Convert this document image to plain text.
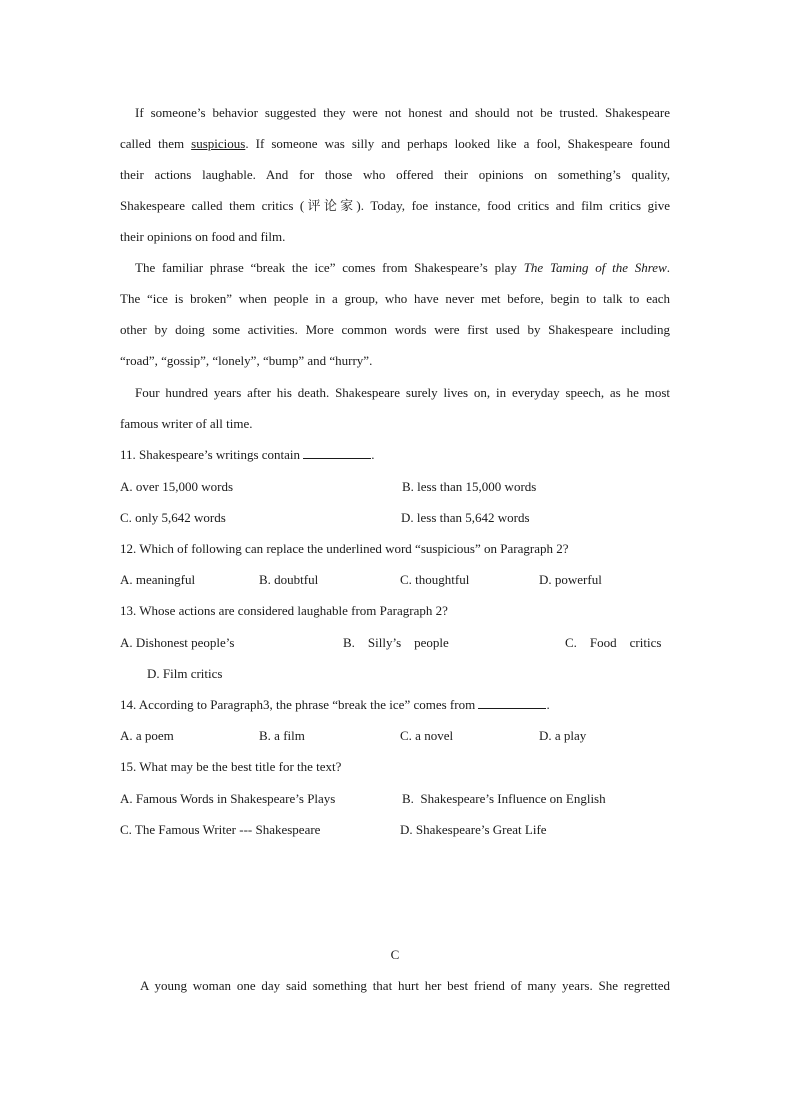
If someone’s behavior suggested they were not honest and should not be trusted. Shakespeare
called them suspicious. If someone was silly and perhaps looked like a fool, Shakespeare found
their actions laughable. And for those who offered their opinions on something’s quality,
Shakespeare called them critics (评论家). Today, foe instance, food critics and film critics give
their opinions on food and film.
The familiar phrase “break the ice” comes from Shakespeare’s play The Taming of the Shrew.
The “ice is broken” when people in a group, who have never met before, begin to talk to each
other by doing some activities. More common words were first used by Shakespeare including
“road”, “gossip”, “lonely”, “bump” and “hurry”.
Four hundred years after his death. Shakespeare surely lives on, in everyday speech, as he most
famous writer of all time.
11. Shakespeare’s writings contain	.
A. over 15,000 words	B. less than 15,000 words
C. only 5,642 words	D. less than 5,642 words
12. Which of following can replace the underlined word “suspicious” on Paragraph 2?
A. meaningful	B. doubtful	C. thoughtful	D. powerful
13. Whose actions are considered laughable from Paragraph 2?
A. Dishonest people’s	B.    Silly’s    people	C.    Food    critics
D. Film critics
14. According to Paragraph3, the phrase “break the ice” comes from	.
A. a poem	B. a film	C. a novel	D. a play
15. What may be the best title for the text?
A. Famous Words in Shakespeare’s Plays	B.  Shakespeare’s Influence on English
C. The Famous Writer --- Shakespeare	D. Shakespeare’s Great Life
C
A young woman one day said something that hurt her best friend of many years. She regretted
